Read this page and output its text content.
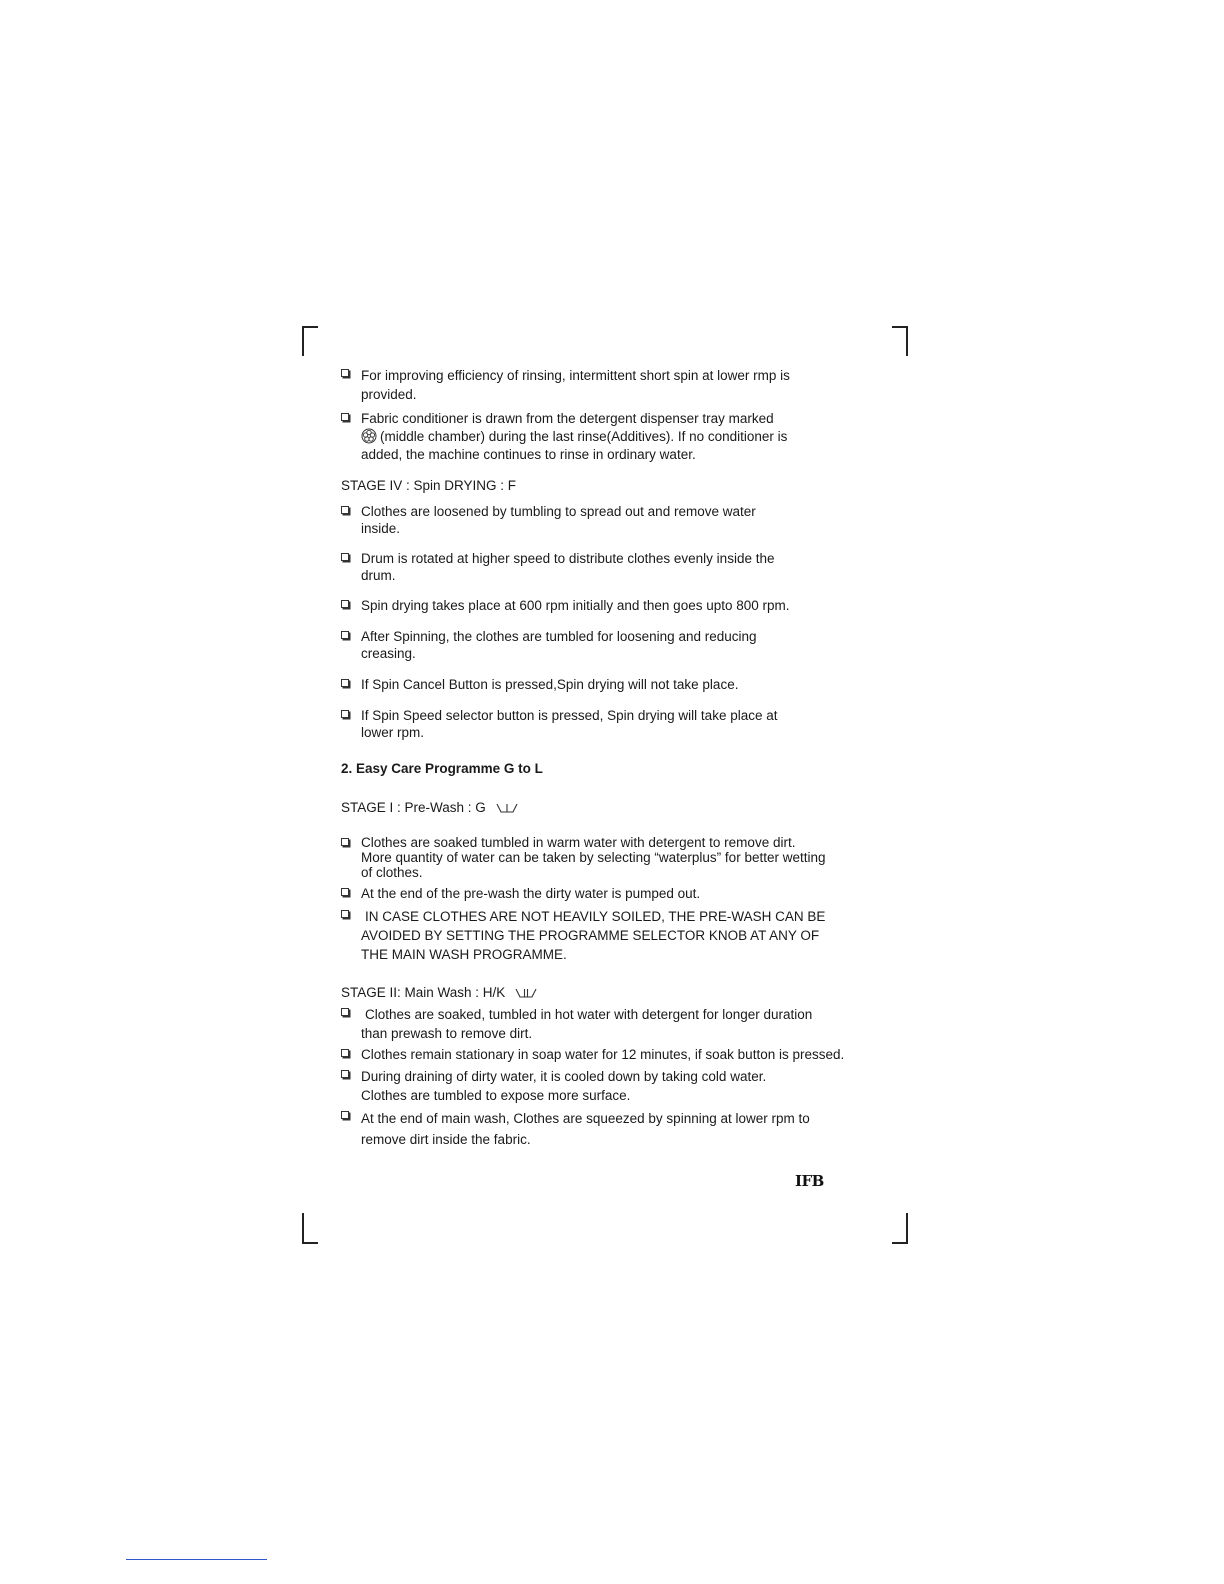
For improving efficiency of rinsing, intermittent short spin at lower rmp is
provided.
Fabric conditioner is drawn from the detergent dispenser tray marked
(middle chamber) during the last rinse(Additives). If no conditioner is
added, the machine continues to rinse in ordinary water.
STAGE IV : Spin DRYING : F
Clothes are loosened by tumbling to spread out and remove water
inside.
Drum is rotated at higher speed to distribute clothes evenly inside the
drum.
Spin drying takes place at 600 rpm initially and then goes upto 800 rpm.
After Spinning, the clothes are tumbled for loosening and reducing
creasing.
If Spin Cancel Button is pressed,Spin drying will not take place.
If Spin Speed selector button is pressed, Spin drying will take place at
lower rpm.
2. Easy Care Programme G to L
STAGE I : Pre-Wash : G
Clothes are soaked tumbled in warm water with detergent to remove dirt.
More quantity of water can be taken by selecting “waterplus” for better wetting
of clothes.
At the end of the pre-wash the dirty water is pumped out.
IN CASE CLOTHES ARE NOT HEAVILY SOILED, THE PRE-WASH CAN BE
AVOIDED BY SETTING THE PROGRAMME SELECTOR KNOB AT ANY OF
THE MAIN WASH PROGRAMME.
STAGE II: Main Wash : H/K
Clothes are soaked, tumbled in hot water with detergent for longer duration
than prewash to remove dirt.
Clothes remain stationary in soap water for 12 minutes, if soak button is pressed.
During draining of dirty water, it is cooled down by taking cold water.
Clothes are tumbled to expose more surface.
At the end of main wash, Clothes are squeezed by spinning at lower rpm to
remove dirt inside the fabric.
IFB
